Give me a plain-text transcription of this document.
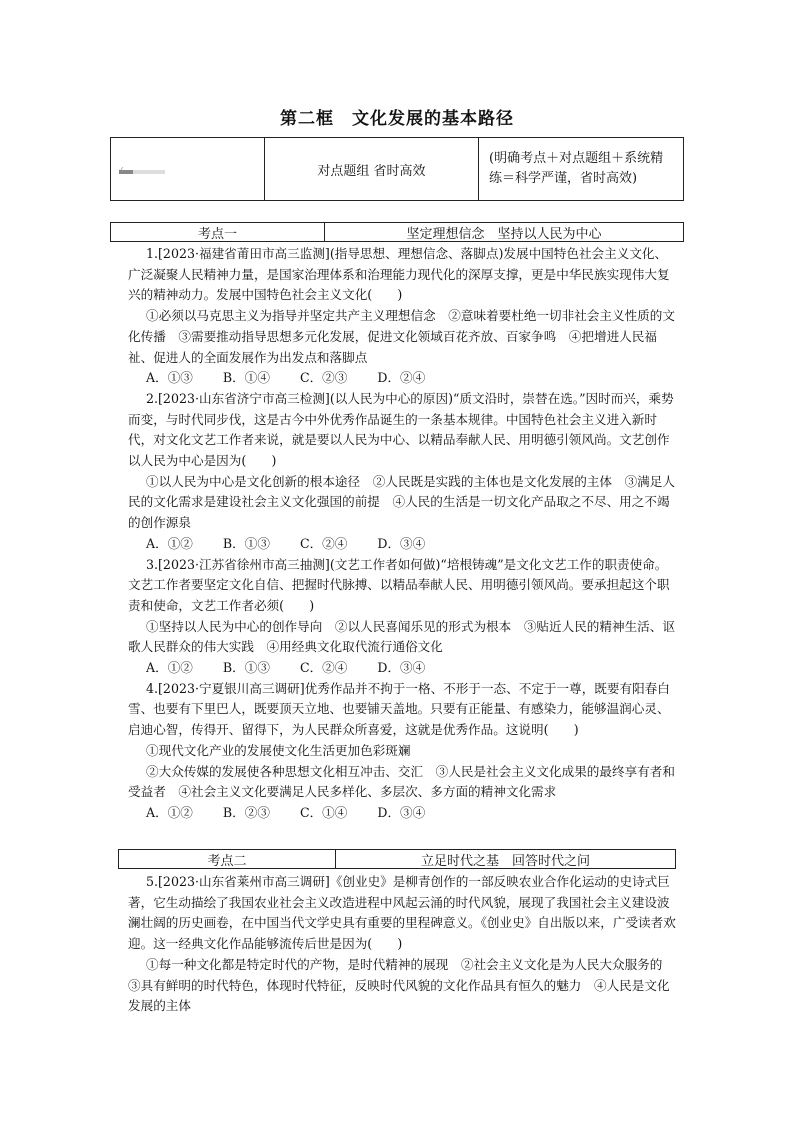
第二框　文化发展的基本路径
对点题组 省时高效
(明确考点＋对点题组＋系统精练＝科学严谨，省时高效)
考点一	坚定理想信念　坚持以人民为中心

1.[2023·福建省莆田市高三监测](指导思想、理想信念、落脚点)发展中国特色社会主义文化、广泛凝聚人民精神力量，是国家治理体系和治理能力现代化的深厚支撑，更是中华民族实现伟大复兴的精神动力。发展中国特色社会主义文化(　　)

①必须以马克思主义为指导并坚定共产主义理想信念　②意味着要杜绝一切非社会主义性质的文化传播　③需要推动指导思想多元化发展，促进文化领域百花齐放、百家争鸣　④把增进人民福祉、促进人的全面发展作为出发点和落脚点

A．①③ B．①④ C．②③ D．②④

2.[2023·山东省济宁市高三检测](以人民为中心的原因)“质文沿时，崇替在选。”因时而兴，乘势而变，与时代同步伐，这是古今中外优秀作品诞生的一条基本规律。中国特色社会主义进入新时代，对文化文艺工作者来说，就是要以人民为中心、以精品奉献人民、用明德引领风尚。文艺创作以人民为中心是因为(　　)

①以人民为中心是文化创新的根本途径　②人民既是实践的主体也是文化发展的主体　③满足人民的文化需求是建设社会主义文化强国的前提　④人民的生活是一切文化产品取之不尽、用之不竭的创作源泉

A．①② B．①③ C．②④ D．③④

3.[2023·江苏省徐州市高三抽测](文艺工作者如何做)“培根铸魂”是文化文艺工作的职责使命。文艺工作者要坚定文化自信、把握时代脉搏、以精品奉献人民、用明德引领风尚。要承担起这个职责和使命，文艺工作者必须(　　)

①坚持以人民为中心的创作导向　②以人民喜闻乐见的形式为根本　③贴近人民的精神生活、讴歌人民群众的伟大实践　④用经典文化取代流行通俗文化

A．①② B．①③ C．②④ D．③④

4.[2023·宁夏银川高三调研]优秀作品并不拘于一格、不形于一态、不定于一尊，既要有阳春白雪、也要有下里巴人，既要顶天立地、也要铺天盖地。只要有正能量、有感染力，能够温润心灵、启迪心智，传得开、留得下，为人民群众所喜爱，这就是优秀作品。这说明(　　)

①现代文化产业的发展使文化生活更加色彩斑斓

②大众传媒的发展使各种思想文化相互冲击、交汇　③人民是社会主义文化成果的最终享有者和受益者　④社会主义文化要满足人民多样化、多层次、多方面的精神文化需求

A．①② B．②③ C．①④ D．③④
考点二	立足时代之基　回答时代之问

5.[2023·山东省莱州市高三调研]《创业史》是柳青创作的一部反映农业合作化运动的史诗式巨著，它生动描绘了我国农业社会主义改造进程中风起云涌的时代风貌，展现了我国社会主义建设波澜壮阔的历史画卷，在中国当代文学史具有重要的里程碑意义。《创业史》自出版以来，广受读者欢迎。这一经典文化作品能够流传后世是因为(　　)

①每一种文化都是特定时代的产物，是时代精神的展现　②社会主义文化是为人民大众服务的　③具有鲜明的时代特色，体现时代特征，反映时代风貌的文化作品具有恒久的魅力　④人民是文化发展的主体
